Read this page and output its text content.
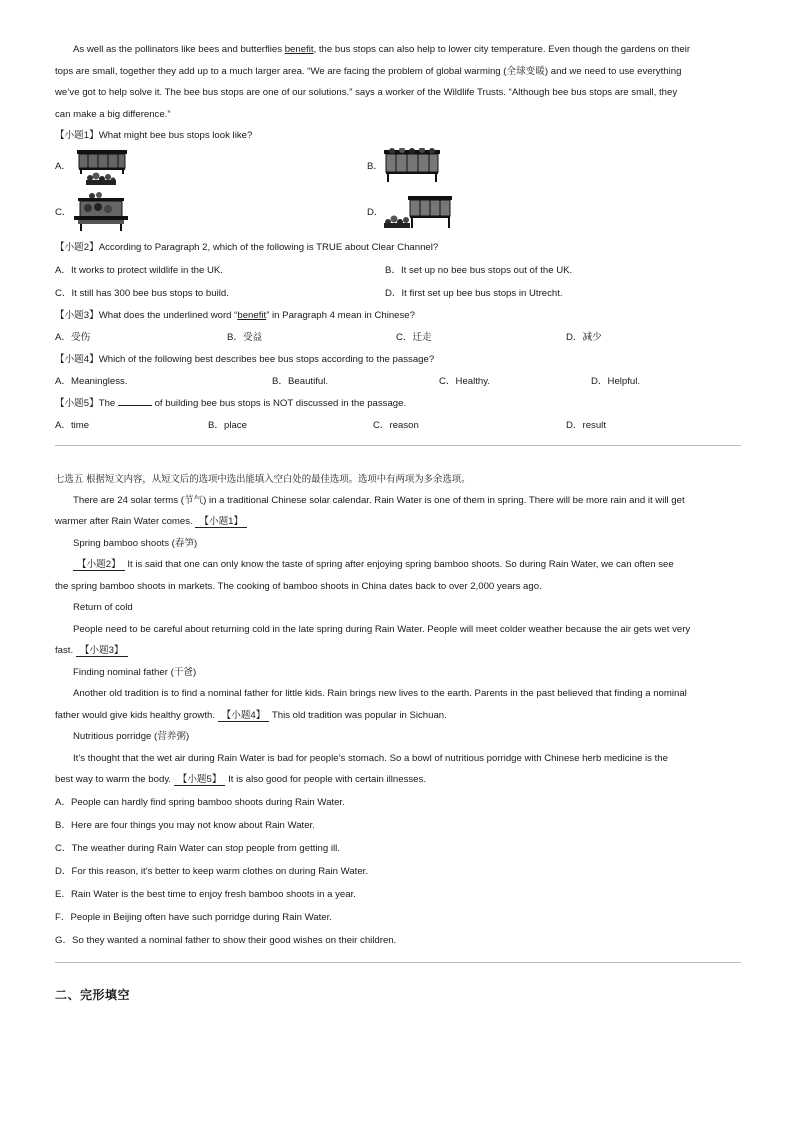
As well as the pollinators like bees and butterflies benefit, the bus stops can also help to lower city temperature. Even though the gardens on their
tops are small, together they add up to a much larger area. “We are facing the problem of global warming (全球变暖) and we need to use everything
we’ve got to help solve it. The bee bus stops are one of our solutions.” says a worker of the Wildlife Trusts. “Although bee bus stops are small, they
can make a big difference.”
【小题1】What might bee bus stops look like?
A．	B．
C．	D．
【小题2】According to Paragraph 2, which of the following is TRUE about Clear Channel?
A．It works to protect wildlife in the UK.	B．It set up no bee bus stops out of the UK.
C．It still has 300 bee bus stops to build.	D．It first set up bee bus stops in Utrecht.
【小题3】What does the underlined word “benefit” in Paragraph 4 mean in Chinese?
A．受伤	B．受益	C．迁走	D．减少
【小题4】Which of the following best describes bee bus stops according to the passage?
A．Meaningless.	B．Beautiful.	C．Healthy.	D．Helpful.
【小题5】The	of building bee bus stops is NOT discussed in the passage.
A．time	B．place	C．reason	D．result
七选五 根据短文内容，从短文后的选项中选出能填入空白处的最佳选项。选项中有两项为多余选项。
There are 24 solar terms (节气) in a traditional Chinese solar calendar. Rain Water is one of them in spring. There will be more rain and it will get
warmer after Rain Water comes. 【小题1】
Spring bamboo shoots (春笋)
【小题2】 It is said that one can only know the taste of spring after enjoying spring bamboo shoots. So during Rain Water, we can often see
the spring bamboo shoots in markets. The cooking of bamboo shoots in China dates back to over 2,000 years ago.
Return of cold
People need to be careful about returning cold in the late spring during Rain Water. People will meet colder weather because the air gets wet very
fast. 【小题3】
Finding nominal father (干爸)
Another old tradition is to find a nominal father for little kids. Rain brings new lives to the earth. Parents in the past believed that finding a nominal
father would give kids healthy growth. 【小题4】 This old tradition was popular in Sichuan.
Nutritious porridge (营养粥)
It’s thought that the wet air during Rain Water is bad for people’s stomach. So a bowl of nutritious porridge with Chinese herb medicine is the
best way to warm the body. 【小题5】 It is also good for people with certain illnesses.
A．People can hardly find spring bamboo shoots during Rain Water.
B．Here are four things you may not know about Rain Water.
C．The weather during Rain Water can stop people from getting ill.
D．For this reason, it’s better to keep warm clothes on during Rain Water.
E．Rain Water is the best time to enjoy fresh bamboo shoots in a year.
F．People in Beijing often have such porridge during Rain Water.
G．So they wanted a nominal father to show their good wishes on their children.
二、完形填空
